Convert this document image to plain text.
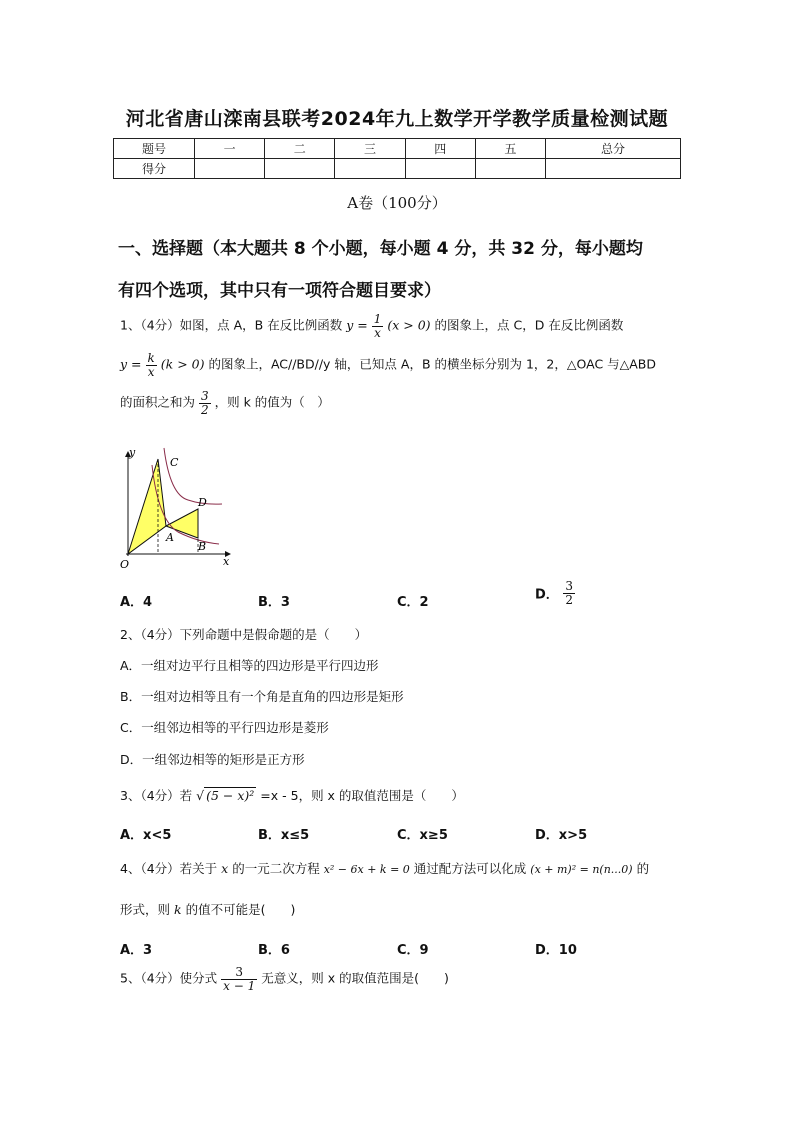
河北省唐山滦南县联考2024年九上数学开学教学质量检测试题
题号	一	二	三	四	五	总分
得分						
A卷（100分）
一、选择题（本大题共 8 个小题，每小题 4 分，共 32 分，每小题均
有四个选项，其中只有一项符合题目要求）
1、（4分）如图，点 A，B 在反比例函数 $y = \frac{1}{x} (x > 0)$ 的图象上，点 C，D 在反比例函数
$y = \frac{k}{x} (k > 0)$ 的图象上，AC//BD//y 轴，已知点 A，B 的横坐标分别为 1，2，△OAC 与△ABD
的面积之和为 $\frac{3}{2}$ ，则 k 的值为（　）
y
x
O
A
B
C
D
A．4	B．3	C．2	D． $\frac{3}{2}$
2、（4分）下列命题中是假命题的是（　　）
A．一组对边平行且相等的四边形是平行四边形
B．一组对边相等且有一个角是直角的四边形是矩形
C．一组邻边相等的平行四边形是菱形
D．一组邻边相等的矩形是正方形
3、（4分）若 √ (5 − x)² =x - 5，则 x 的取值范围是（　　）
A．x<5	B．x≤5	C．x≥5	D．x>5
4、（4分）若关于 x 的一元二次方程 x² − 6x + k = 0 通过配方法可以化成 (x + m)² = n(n...0) 的
形式，则 k 的值不可能是(　　)
A．3	B．6	C．9	D．10
5、（4分）使分式 $\frac{3}{x - 1}$ 无意义，则 x 的取值范围是(　　)
